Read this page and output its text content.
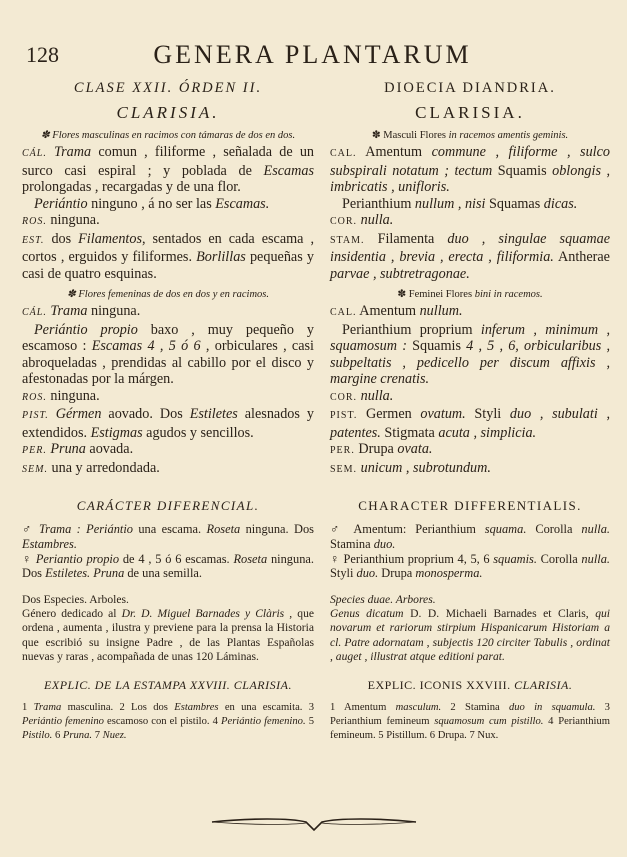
128	GENERA PLANTARUM
CLASE XXII. ÓRDEN II.
CLARISIA.
✽ Flores masculinas en racimos con támaras de dos en dos.

CÁL. Trama comun , filiforme , señalada de un surco casi espiral ; y poblada de Escamas prolongadas , recargadas y de una flor.

Periántio ninguno , á no ser las Escamas.

ROS. ninguna.

EST. dos Filamentos, sentados en cada escama , cortos , erguidos y filiformes. Borlillas pequeñas y casi de quatro esquinas.

✽ Flores femeninas de dos en dos y en racimos.

CÁL. Trama ninguna.

Periántio propio baxo , muy pequeño y escamoso : Escamas 4 , 5 ó 6 , orbiculares , casi abroqueladas , prendidas al cabillo por el disco y afestonadas por la márgen.

ROS. ninguna.

PIST. Gérmen aovado. Dos Estiletes alesnados y extendidos. Estigmas agudos y sencillos.

PER. Pruna aovada.

SEM. una y arredondada.

CARÁCTER DIFERENCIAL.

♂ Trama : Periántio una escama. Roseta ninguna. Dos Estambres.

♀ Periantio propio de 4 , 5 ó 6 escamas. Roseta ninguna. Dos Estiletes. Pruna de una semilla.

Dos Especies. Arboles.

Género dedicado al Dr. D. Miguel Barnades y Clàris , que ordena , aumenta , ilustra y previene para la prensa la Historia que escribió su insigne Padre , de las Plantas Españolas nuevas y raras , acompañada de unas 120 Láminas.

EXPLIC. DE LA ESTAMPA XXVIII. CLARISIA.

1 Trama masculina. 2 Los dos Estambres en una escamita. 3 Periántio femenino escamoso con el pistilo. 4 Periántio femenino. 5 Pistilo. 6 Pruna. 7 Nuez.

DIOECIA DIANDRIA.
CLARISIA.
✽ Masculi Flores in racemos amentis geminis.

CAL. Amentum commune , filiforme , sulco subspirali notatum ; tectum Squamis oblongis , imbricatis , unifloris.

Perianthium nullum , nisi Squamas dicas.

COR. nulla.

STAM. Filamenta duo , singulae squamae insidentia , brevia , erecta , filiformia. Antherae parvae , subtretragonae.

✽ Feminei Flores bini in racemos.

CAL. Amentum nullum.

Perianthium proprium inferum , minimum , squamosum : Squamis 4 , 5 , 6, orbicularibus , subpeltatis , pedicello per discum affixis , margine crenatis.

COR. nulla.

PIST. Germen ovatum. Styli duo , subulati , patentes. Stigmata acuta , simplicia.

PER. Drupa ovata.

SEM. unicum , subrotundum.

CHARACTER DIFFERENTIALIS.

♂ Amentum: Perianthium squama. Corolla nulla. Stamina duo.

♀ Perianthium proprium 4, 5, 6 squamis. Corolla nulla. Styli duo. Drupa monosperma.

Species duae. Arbores.

Genus dicatum D. D. Michaeli Barnades et Claris, qui novarum et rariorum stirpium Hispanicarum Historiam a cl. Patre adornatam , subjectis 120 circiter Tabulis , ordinat , auget , illustrat atque editioni parat.

EXPLIC. ICONIS XXVIII. CLARISIA.

1 Amentum masculum. 2 Stamina duo in squamula. 3 Perianthium femineum squamosum cum pistillo. 4 Perianthium femineum. 5 Pistillum. 6 Drupa. 7 Nux.
